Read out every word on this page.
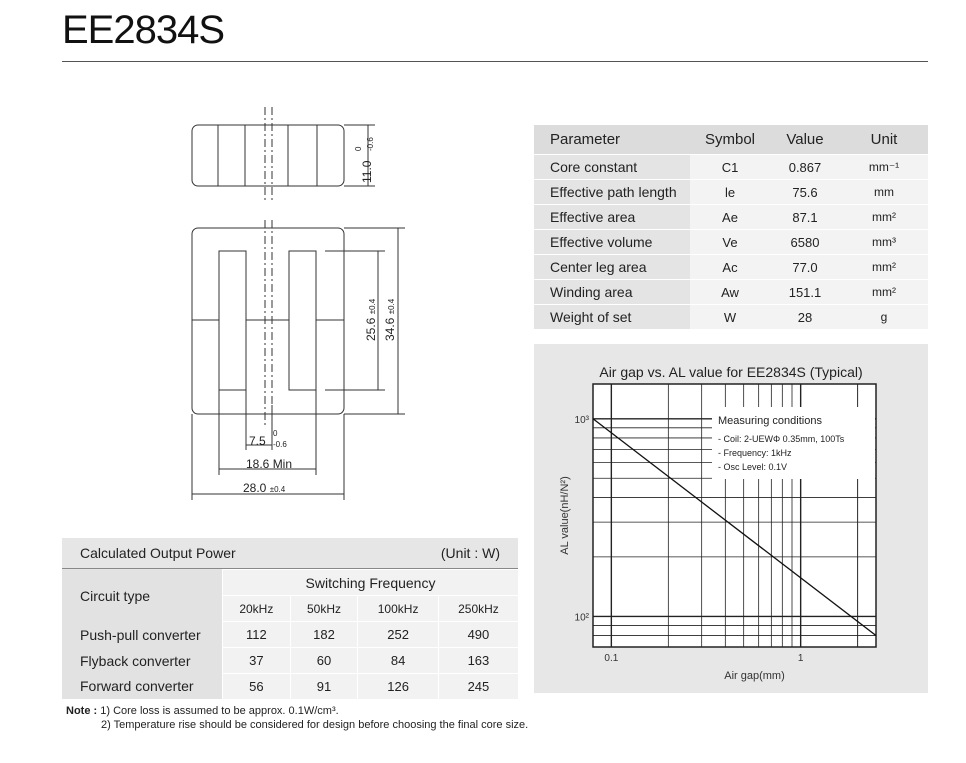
EE2834S
11.0
0 -0.6
25.6 ±0.4
34.6 ±0.4
7.5
0
-0.6
18.6 Min
28.0 ±0.4
Parameter	Symbol	Value	Unit
Core constant	C1	0.867	mm⁻¹
Effective path length	le	75.6	mm
Effective area	Ae	87.1	mm²
Effective volume	Ve	6580	mm³
Center leg area	Ac	77.0	mm²
Winding area	Aw	151.1	mm²
Weight of set	W	28	g
Calculated Output Power	(Unit : W)
Circuit type	Switching Frequency			
	20kHz	50kHz	100kHz	250kHz
Push-pull converter	112	182	252	490
Flyback converter	37	60	84	163
Forward converter	56	91	126	245
Note : 1) Core loss is assumed to be approx. 0.1W/cm³.
2) Temperature rise should be considered for design before choosing the final core size.
Air gap vs. AL value for EE2834S (Typical)
Measuring conditions
- Coil: 2-UEWΦ 0.35mm, 100Ts
- Frequency: 1kHz
- Osc Level: 0.1V
10³
10²
0.1	1
Air gap(mm)
AL value(nH/N²)
